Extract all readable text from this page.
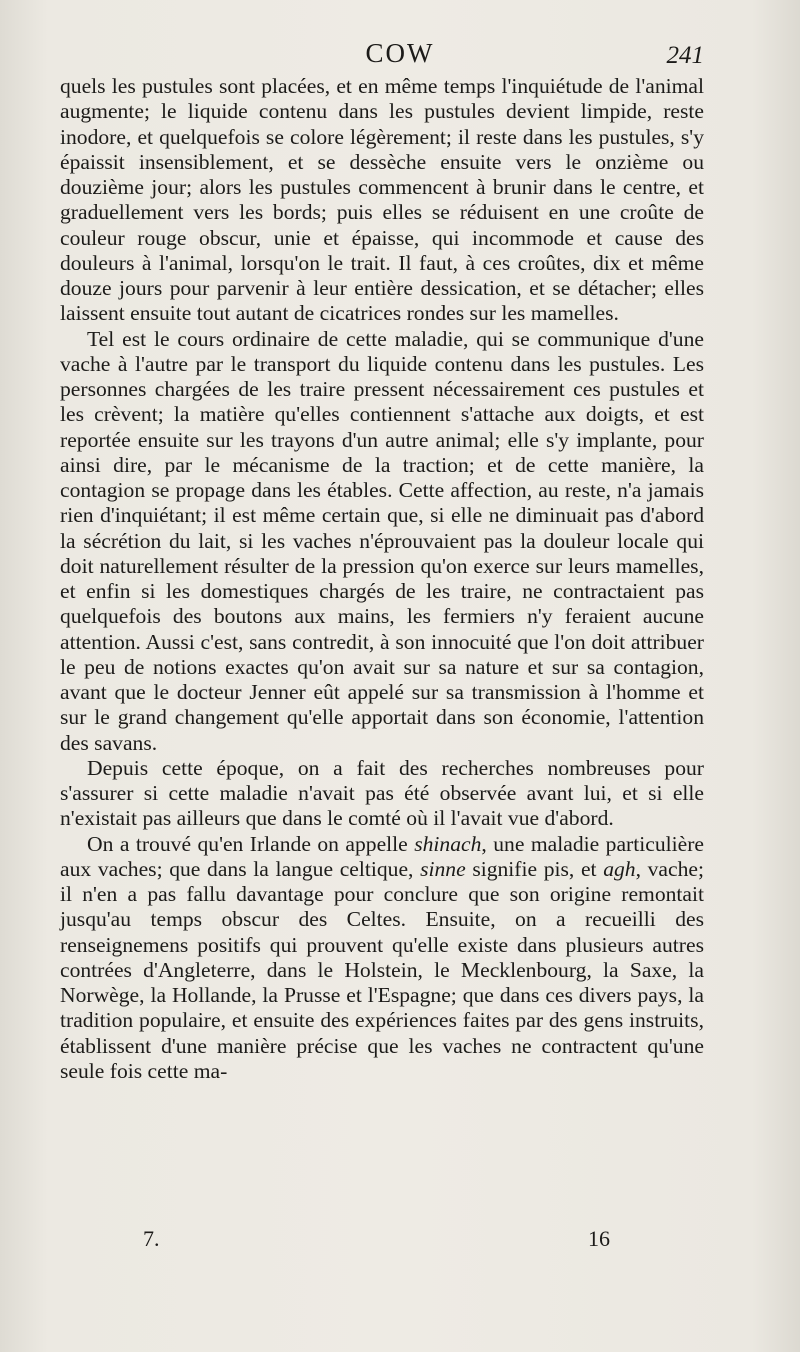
COW	241

quels les pustules sont placées, et en même temps l'inquiétude de l'animal augmente; le liquide contenu dans les pustules devient limpide, reste inodore, et quelquefois se colore légèrement; il reste dans les pustules, s'y épaissit insensiblement, et se dessèche ensuite vers le onzième ou douzième jour; alors les pustules commencent à brunir dans le centre, et graduellement vers les bords; puis elles se réduisent en une croûte de couleur rouge obscur, unie et épaisse, qui incommode et cause des douleurs à l'animal, lorsqu'on le trait. Il faut, à ces croûtes, dix et même douze jours pour parvenir à leur entière dessication, et se détacher; elles laissent ensuite tout autant de cicatrices rondes sur les mamelles.

Tel est le cours ordinaire de cette maladie, qui se communique d'une vache à l'autre par le transport du liquide contenu dans les pustules. Les personnes chargées de les traire pressent nécessairement ces pustules et les crèvent; la matière qu'elles contiennent s'attache aux doigts, et est reportée ensuite sur les trayons d'un autre animal; elle s'y implante, pour ainsi dire, par le mécanisme de la traction; et de cette manière, la contagion se propage dans les étables. Cette affection, au reste, n'a jamais rien d'inquiétant; il est même certain que, si elle ne diminuait pas d'abord la sécrétion du lait, si les vaches n'éprouvaient pas la douleur locale qui doit naturellement résulter de la pression qu'on exerce sur leurs mamelles, et enfin si les domestiques chargés de les traire, ne contractaient pas quelquefois des boutons aux mains, les fermiers n'y feraient aucune attention. Aussi c'est, sans contredit, à son innocuité que l'on doit attribuer le peu de notions exactes qu'on avait sur sa nature et sur sa contagion, avant que le docteur Jenner eût appelé sur sa transmission à l'homme et sur le grand changement qu'elle apportait dans son économie, l'attention des savans.

Depuis cette époque, on a fait des recherches nombreuses pour s'assurer si cette maladie n'avait pas été observée avant lui, et si elle n'existait pas ailleurs que dans le comté où il l'avait vue d'abord.

On a trouvé qu'en Irlande on appelle shinach, une maladie particulière aux vaches; que dans la langue celtique, sinne signifie pis, et agh, vache; il n'en a pas fallu davantage pour conclure que son origine remontait jusqu'au temps obscur des Celtes. Ensuite, on a recueilli des renseignemens positifs qui prouvent qu'elle existe dans plusieurs autres contrées d'Angleterre, dans le Holstein, le Mecklenbourg, la Saxe, la Norwège, la Hollande, la Prusse et l'Espagne; que dans ces divers pays, la tradition populaire, et ensuite des expériences faites par des gens instruits, établissent d'une manière précise que les vaches ne contractent qu'une seule fois cette ma-

7.	16
